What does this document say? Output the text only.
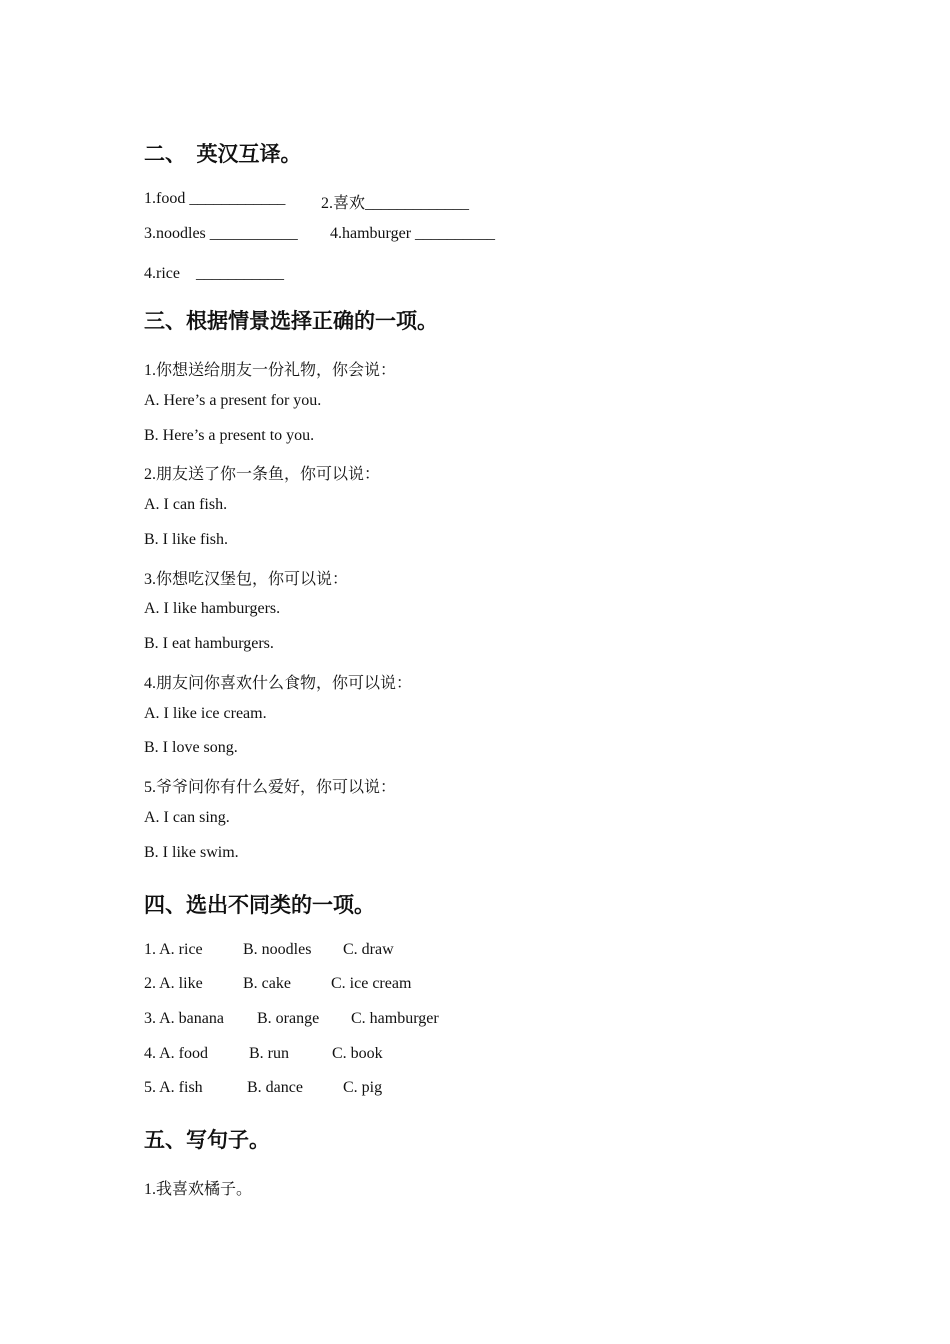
二、　英汉互译。
1.food ____________ 2.喜欢_____________
3.noodles ___________ 4.hamburger __________
4.rice　___________
三、根据情景选择正确的一项。
1.你想送给朋友一份礼物，你会说：
A. Here’s a present for you.
B. Here’s a present to you.
2.朋友送了你一条鱼，你可以说：
A. I can fish.
B. I like fish.
3.你想吃汉堡包，你可以说：
A. I like hamburgers.
B. I eat hamburgers.
4.朋友问你喜欢什么食物，你可以说：
A. I like ice cream.
B. I love song.
5.爷爷问你有什么爱好，你可以说：
A. I can sing.
B. I like swim.
四、选出不同类的一项。
1. A. rice	B. noodles C. draw
2. A. like	B. cake	C. ice cream
3. A. banana B. orange C. hamburger
4. A. food	B. run	C. book
5. A. fish	B. dance	C. pig
五、写句子。
1.我喜欢橘子。
